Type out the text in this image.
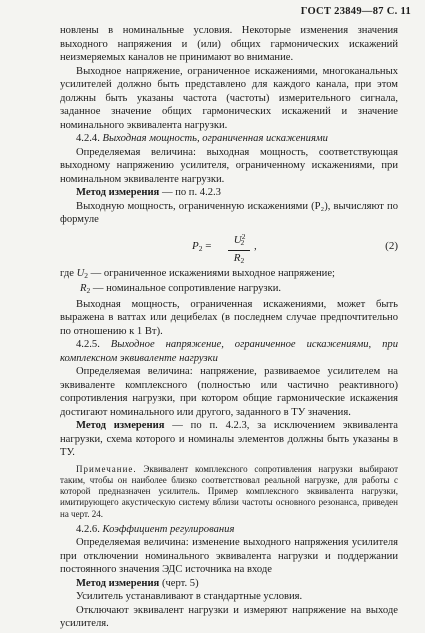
ГОСТ 23849—87 С. 11

новлены в номинальные условия. Некоторые изменения значения выходного напряжения и (или) общих гармонических искажений неизмеряемых каналов не принимают во внимание.

Выходное напряжение, ограниченное искажениями, многоканальных усилителей должно быть представлено для каждого канала, при этом должны быть указаны частота (частоты) измерительного сигнала, заданное значение общих гармонических искажений и значение номинального эквивалента нагрузки.

4.2.4. Выходная мощность, ограниченная искажениями

Определяемая величина: выходная мощность, соответствующая выходному напряжению усилителя, ограниченному искажениями, при номинальном эквиваленте нагрузки.

Метод измерения — по п. 4.2.3

Выходную мощность, ограниченную искажениями (P₂), вычисляют по формуле

$P_2 = \frac{U^2_2}{R_2}$ ,	(2)

где $U_2$ — ограниченное искажениями выходное напряжение;

$R_2$ — номинальное сопротивление нагрузки.

Выходная мощность, ограниченная искажениями, может быть выражена в ваттах или децибелах (в последнем случае предпочтительно по отношению к 1 Вт).

4.2.5. Выходное напряжение, ограниченное искажениями, при комплексном эквиваленте нагрузки

Определяемая величина: напряжение, развиваемое усилителем на эквиваленте комплексного (полностью или частично реактивного) сопротивления нагрузки, при котором общие гармонические искажения достигают номинального или другого, заданного в ТУ значения.

Метод измерения — по п. 4.2.3, за исключением эквивалента нагрузки, схема которого и номиналы элементов должны быть указаны в ТУ.

Примечание. Эквивалент комплексного сопротивления нагрузки выбирают таким, чтобы он наиболее близко соответствовал реальной нагрузке, для работы с которой предназначен усилитель. Пример комплексного эквивалента нагрузки, имитирующего акустическую систему вблизи частоты основного резонанса, приведен на черт. 24.

4.2.6. Коэффициент регулирования

Определяемая величина: изменение выходного напряжения усилителя при отключении номинального эквивалента нагрузки и поддержании постоянного значения ЭДС источника на входе

Метод измерения (черт. 5)

Усилитель устанавливают в стандартные условия.

Отключают эквивалент нагрузки и измеряют напряжение на выходе усилителя.
